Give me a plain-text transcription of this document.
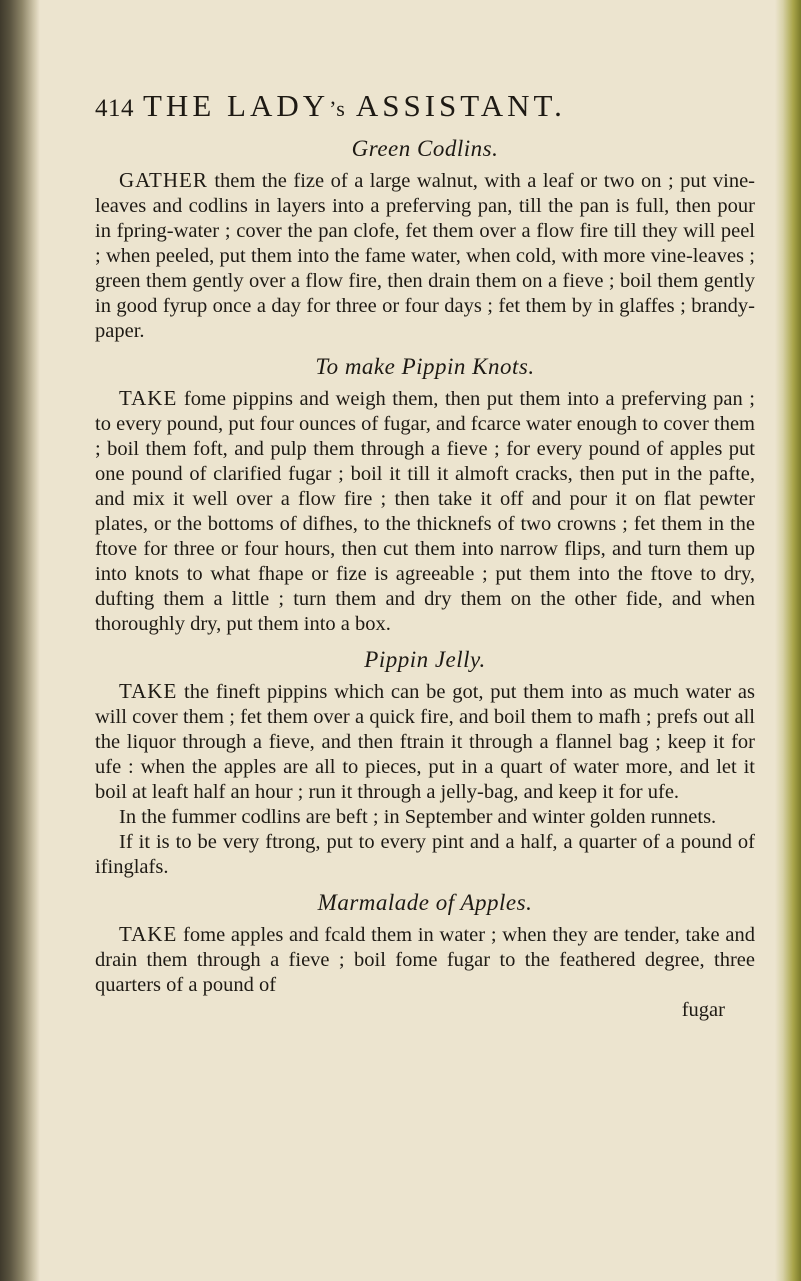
414 THE LADY’s ASSISTANT.
Green Codlins.

GATHER them the fize of a large walnut, with a leaf or two on ; put vine-leaves and codlins in layers into a preferving pan, till the pan is full, then pour in fpring-water ; cover the pan clofe, fet them over a flow fire till they will peel ; when peeled, put them into the fame water, when cold, with more vine-leaves ; green them gently over a flow fire, then drain them on a fieve ; boil them gently in good fyrup once a day for three or four days ; fet them by in glaffes ; brandy-paper.

To make Pippin Knots.

TAKE fome pippins and weigh them, then put them into a preferving pan ; to every pound, put four ounces of fugar, and fcarce water enough to cover them ; boil them foft, and pulp them through a fieve ; for every pound of apples put one pound of clarified fugar ; boil it till it almoft cracks, then put in the pafte, and mix it well over a flow fire ; then take it off and pour it on flat pewter plates, or the bottoms of difhes, to the thicknefs of two crowns ; fet them in the ftove for three or four hours, then cut them into narrow flips, and turn them up into knots to what fhape or fize is agreeable ; put them into the ftove to dry, dufting them a little ; turn them and dry them on the other fide, and when thoroughly dry, put them into a box.

Pippin Jelly.

TAKE the fineft pippins which can be got, put them into as much water as will cover them ; fet them over a quick fire, and boil them to mafh ; prefs out all the liquor through a fieve, and then ftrain it through a flannel bag ; keep it for ufe : when the apples are all to pieces, put in a quart of water more, and let it boil at leaft half an hour ; run it through a jelly-bag, and keep it for ufe.

In the fummer codlins are beft ; in September and winter golden runnets.

If it is to be very ftrong, put to every pint and a half, a quarter of a pound of ifinglafs.

Marmalade of Apples.

TAKE fome apples and fcald them in water ; when they are tender, take and drain them through a fieve ; boil fome fugar to the feathered degree, three quarters of a pound of

fugar
